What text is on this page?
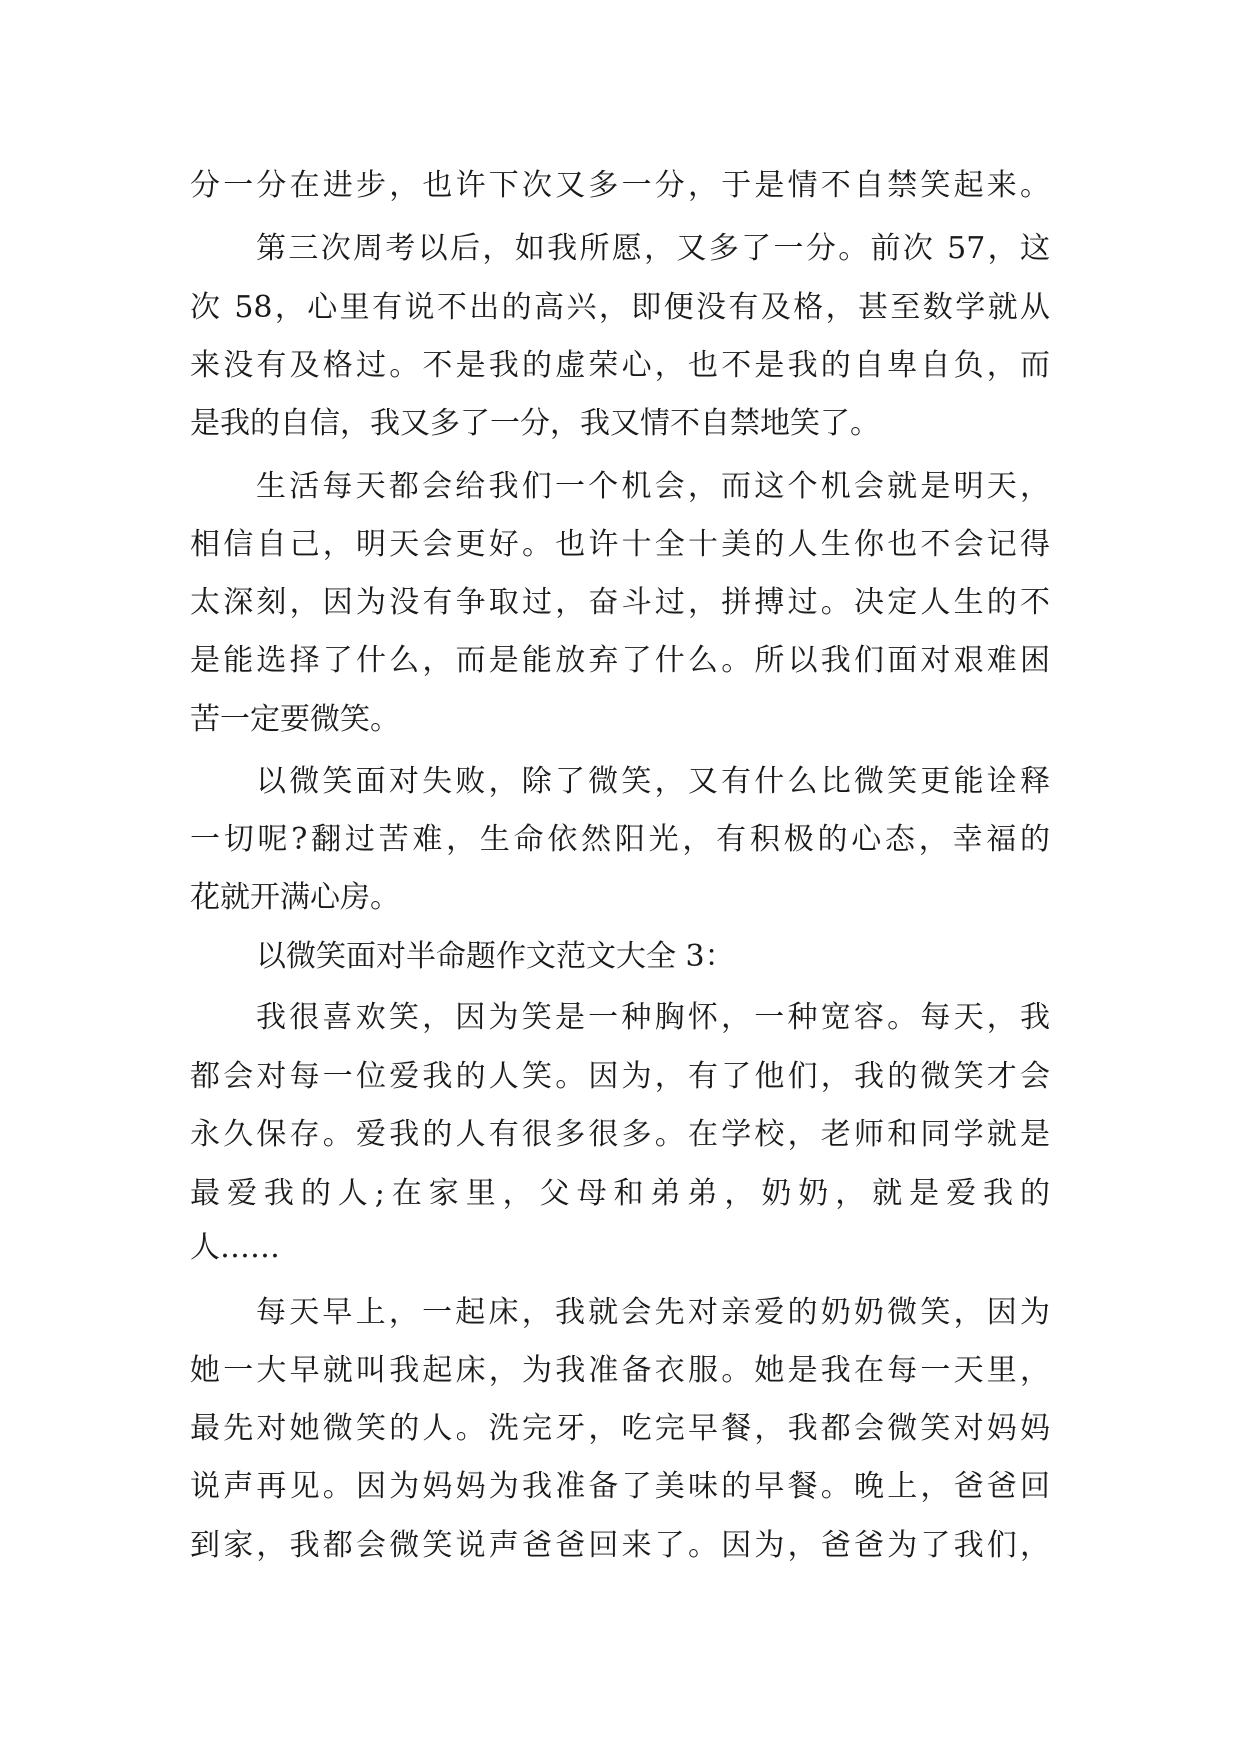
分一分在进步，也许下次又多一分，于是情不自禁笑起来。
第三次周考以后，如我所愿，又多了一分。前次 57，这
次 58，心里有说不出的高兴，即便没有及格，甚至数学就从
来没有及格过。不是我的虚荣心，也不是我的自卑自负，而
是我的自信，我又多了一分，我又情不自禁地笑了。
生活每天都会给我们一个机会，而这个机会就是明天，
相信自己，明天会更好。也许十全十美的人生你也不会记得
太深刻，因为没有争取过，奋斗过，拼搏过。决定人生的不
是能选择了什么，而是能放弃了什么。所以我们面对艰难困
苦一定要微笑。
以微笑面对失败，除了微笑，又有什么比微笑更能诠释
一切呢?翻过苦难，生命依然阳光，有积极的心态，幸福的
花就开满心房。
以微笑面对半命题作文范文大全 3：
我很喜欢笑，因为笑是一种胸怀，一种宽容。每天，我
都会对每一位爱我的人笑。因为，有了他们，我的微笑才会
永久保存。爱我的人有很多很多。在学校，老师和同学就是
最爱我的人;在家里，父母和弟弟，奶奶，就是爱我的
人……
每天早上，一起床，我就会先对亲爱的奶奶微笑，因为
她一大早就叫我起床，为我准备衣服。她是我在每一天里，
最先对她微笑的人。洗完牙，吃完早餐，我都会微笑对妈妈
说声再见。因为妈妈为我准备了美味的早餐。晚上，爸爸回
到家，我都会微笑说声爸爸回来了。因为，爸爸为了我们，
